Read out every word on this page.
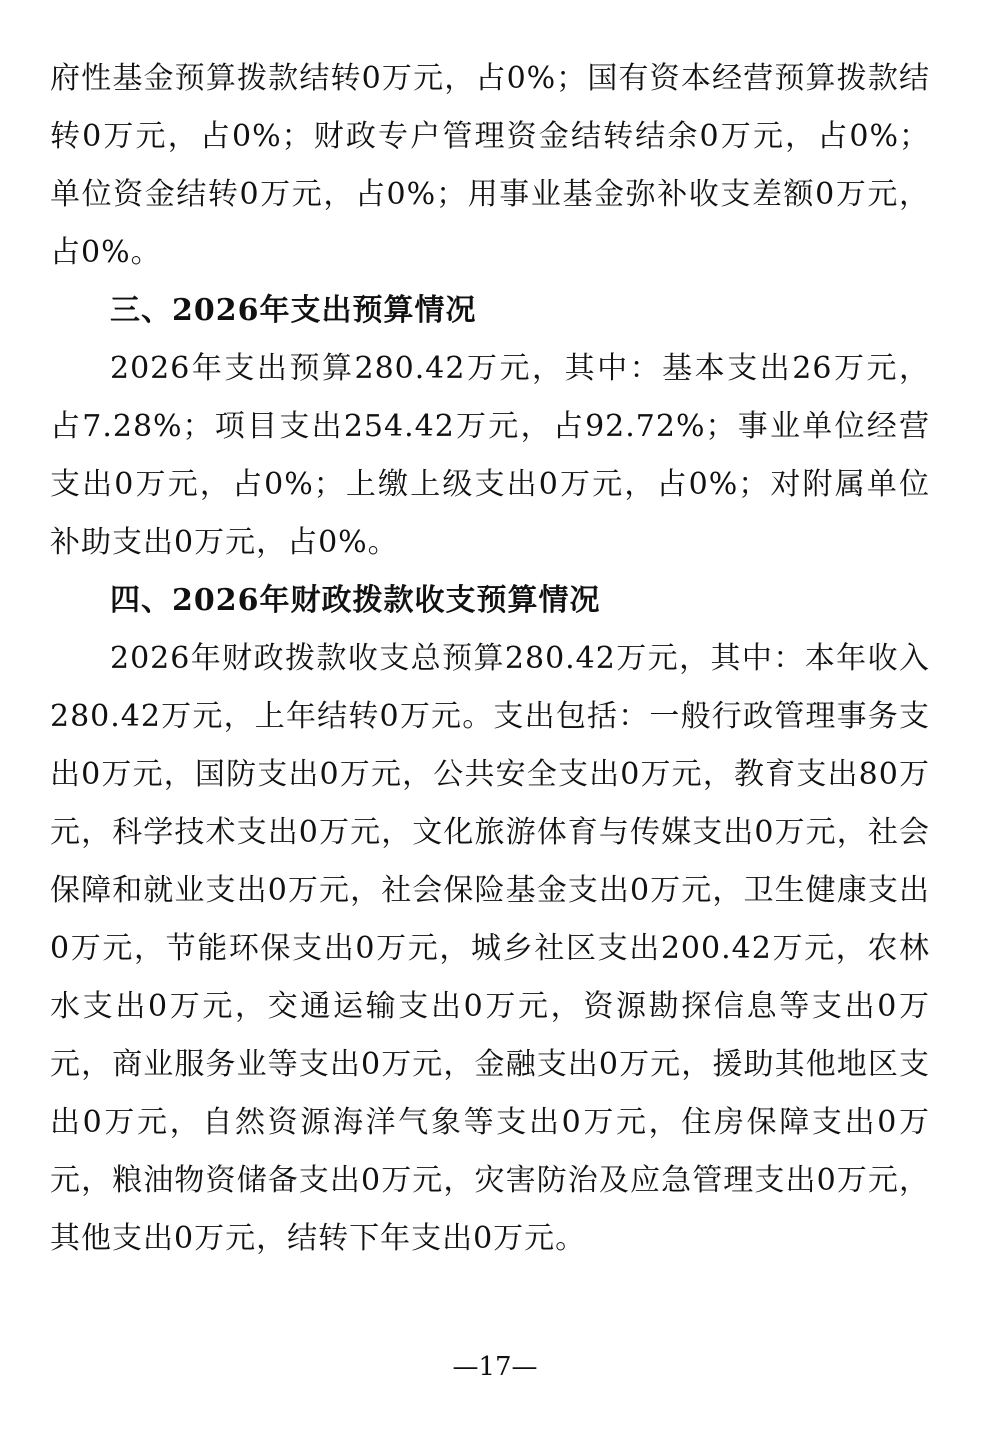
府性基金预算拨款结转0万元，占0%；国有资本经营预算拨款结转0万元，占0%；财政专户管理资金结转结余0万元，占0%；单位资金结转0万元，占0%；用事业基金弥补收支差额0万元，占0%。
三、2026年支出预算情况
2026年支出预算280.42万元，其中：基本支出26万元，占7.28%；项目支出254.42万元，占92.72%；事业单位经营支出0万元，占0%；上缴上级支出0万元，占0%；对附属单位补助支出0万元，占0%。
四、2026年财政拨款收支预算情况
2026年财政拨款收支总预算280.42万元，其中：本年收入280.42万元，上年结转0万元。支出包括：一般行政管理事务支出0万元，国防支出0万元，公共安全支出0万元，教育支出80万元，科学技术支出0万元，文化旅游体育与传媒支出0万元，社会保障和就业支出0万元，社会保险基金支出0万元，卫生健康支出0万元，节能环保支出0万元，城乡社区支出200.42万元，农林水支出0万元，交通运输支出0万元，资源勘探信息等支出0万元，商业服务业等支出0万元，金融支出0万元，援助其他地区支出0万元，自然资源海洋气象等支出0万元，住房保障支出0万元，粮油物资储备支出0万元，灾害防治及应急管理支出0万元，其他支出0万元，结转下年支出0万元。
—17—
